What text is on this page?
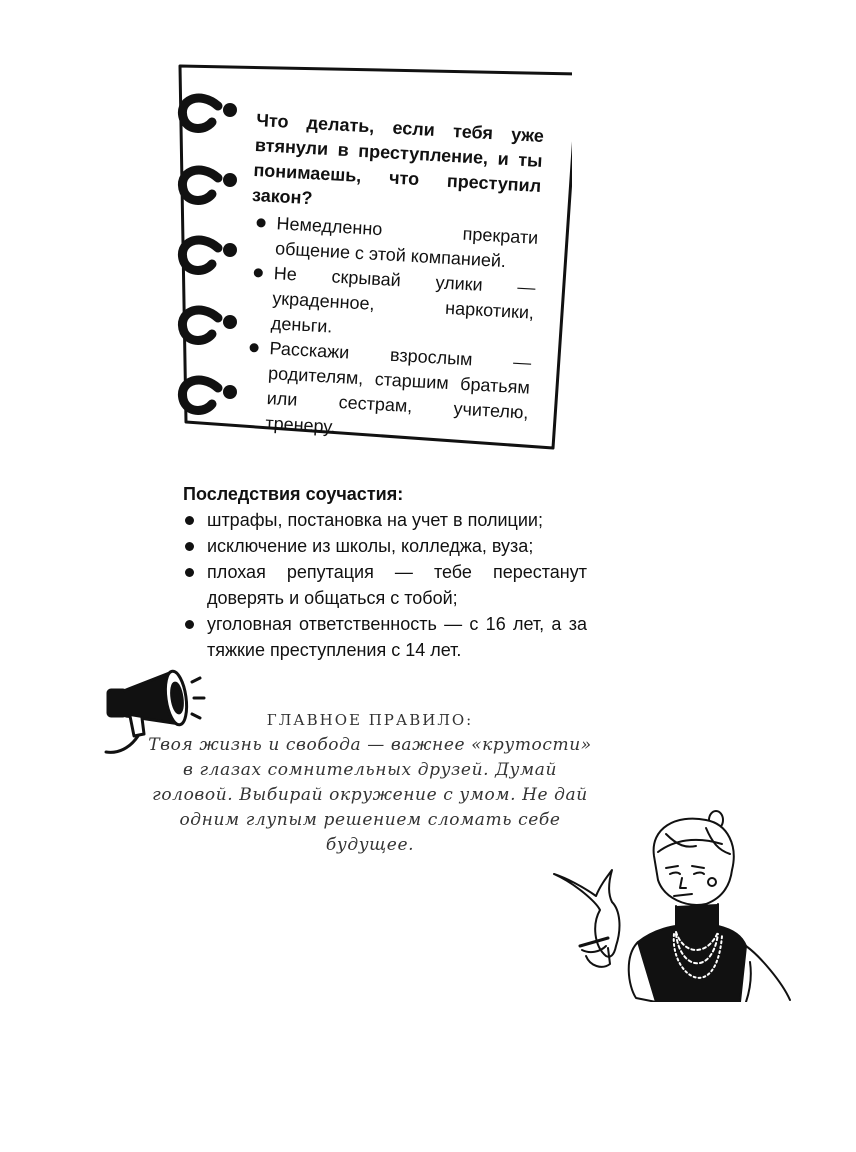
Что делать, если тебя уже втянули в преступление, и ты понимаешь, что преступил закон?

Немедленно прекрати общение с этой компанией.
Не скрывай улики — украденное, наркотики, деньги.
Расскажи взрослым — родителям, старшим братьям или сестрам, учителю, тренеру.

Последствия соучастия:

штрафы, постановка на учет в полиции;
исключение из школы, колледжа, вуза;
плохая репутация — тебе перестанут доверять и общаться с тобой;
уголовная ответственность — с 16 лет, а за тяжкие преступления с 14 лет.

ГЛАВНОЕ ПРАВИЛО:

Твоя жизнь и свобода — важнее «крутости» в глазах сомнительных друзей. Думай головой. Выбирай окружение с умом. Не дай одним глупым решением сломать себе будущее.
